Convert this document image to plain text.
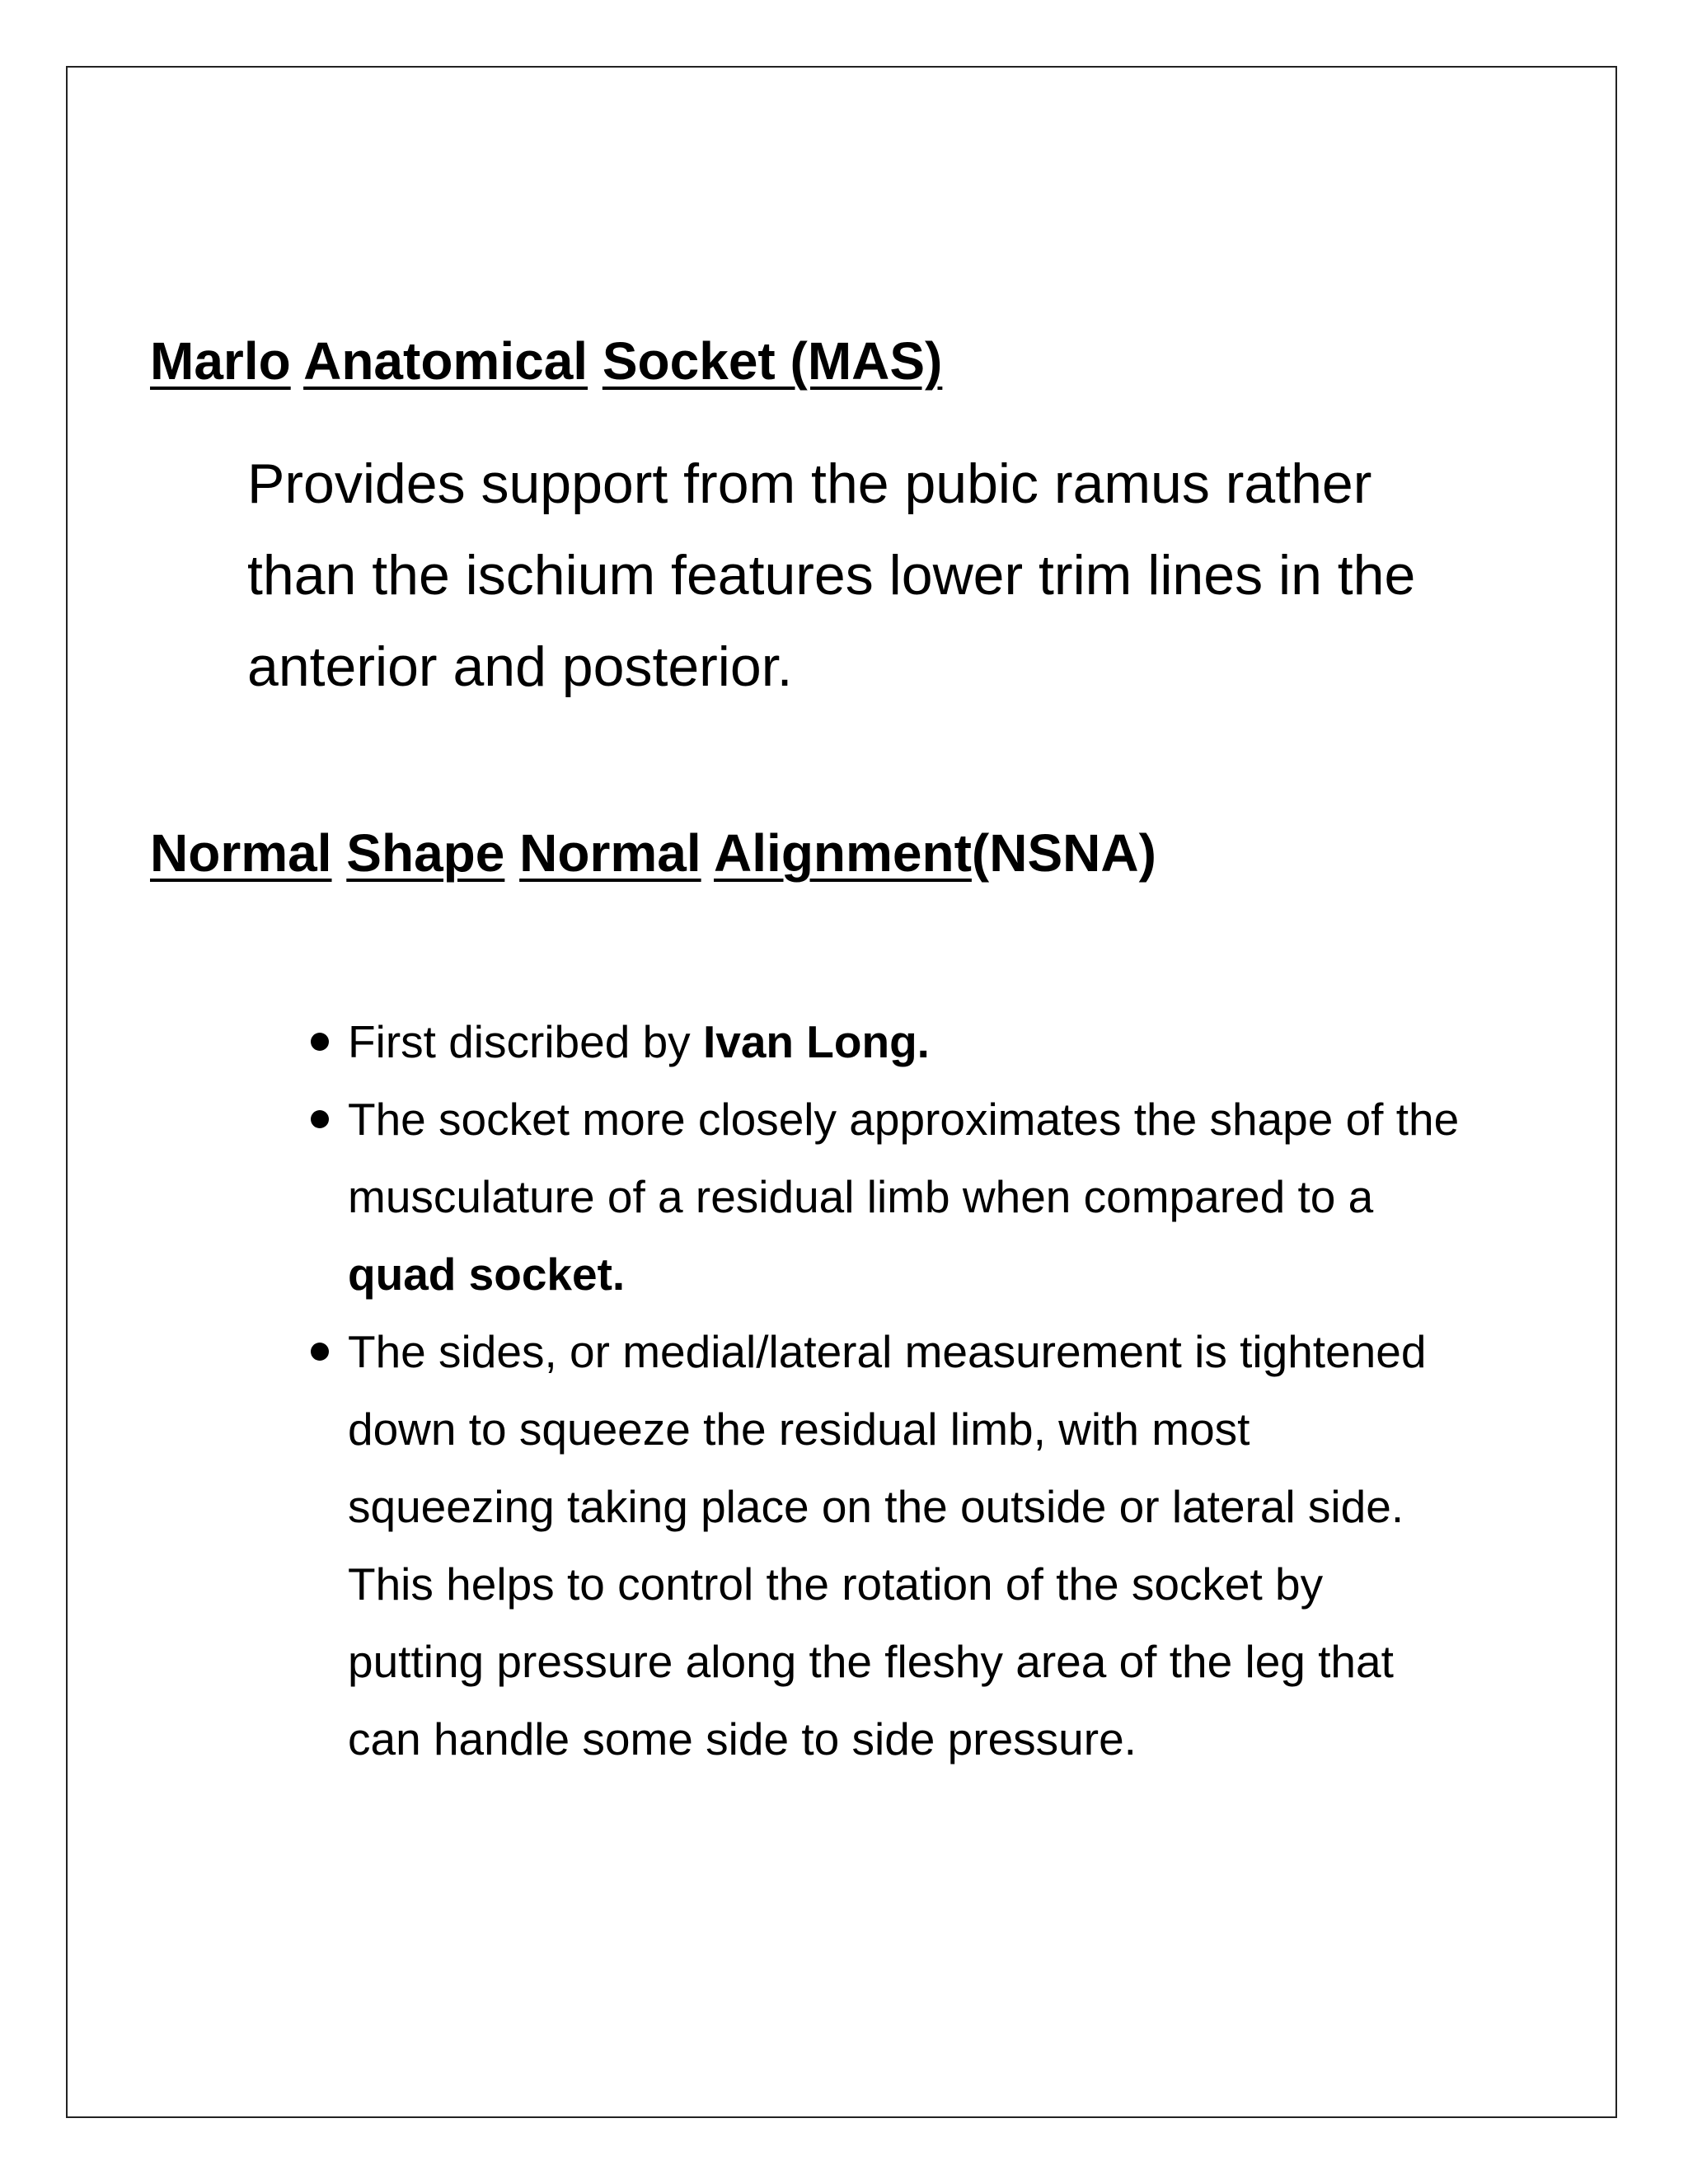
Marlo Anatomical Socket (MAS)

Provides support from the pubic ramus rather
than the ischium features lower trim lines in the
anterior and posterior.

Normal Shape Normal Alignment(NSNA)
First discribed by Ivan Long.
The socket more closely approximates the shape of the
musculature of a residual limb when compared to a
quad socket.
The sides, or medial/lateral measurement is tightened
down to squeeze the residual limb, with most
squeezing taking place on the outside or lateral side.
This helps to control the rotation of the socket by
putting pressure along the fleshy area of the leg that
can handle some side to side pressure.
